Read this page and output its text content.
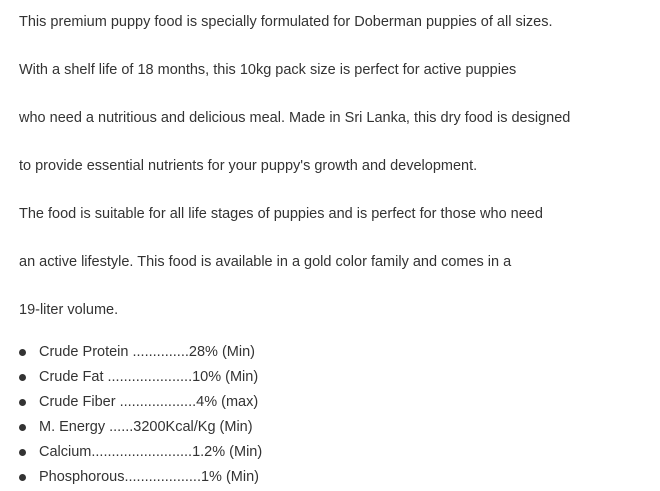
This premium puppy food is specially formulated for Doberman puppies of all sizes.

With a shelf life of 18 months, this 10kg pack size is perfect for active puppies

who need a nutritious and delicious meal. Made in Sri Lanka, this dry food is designed

to provide essential nutrients for your puppy's growth and development.

The food is suitable for all life stages of puppies and is perfect for those who need

an active lifestyle. This food is available in a gold color family and comes in a

19-liter volume.

Crude Protein ..............28% (Min)
Crude Fat .....................10% (Min)
Crude Fiber ...................4% (max)
M. Energy ......3200Kcal/Kg (Min)
Calcium.........................1.2% (Min)
Phosphorous...................1% (Min)
